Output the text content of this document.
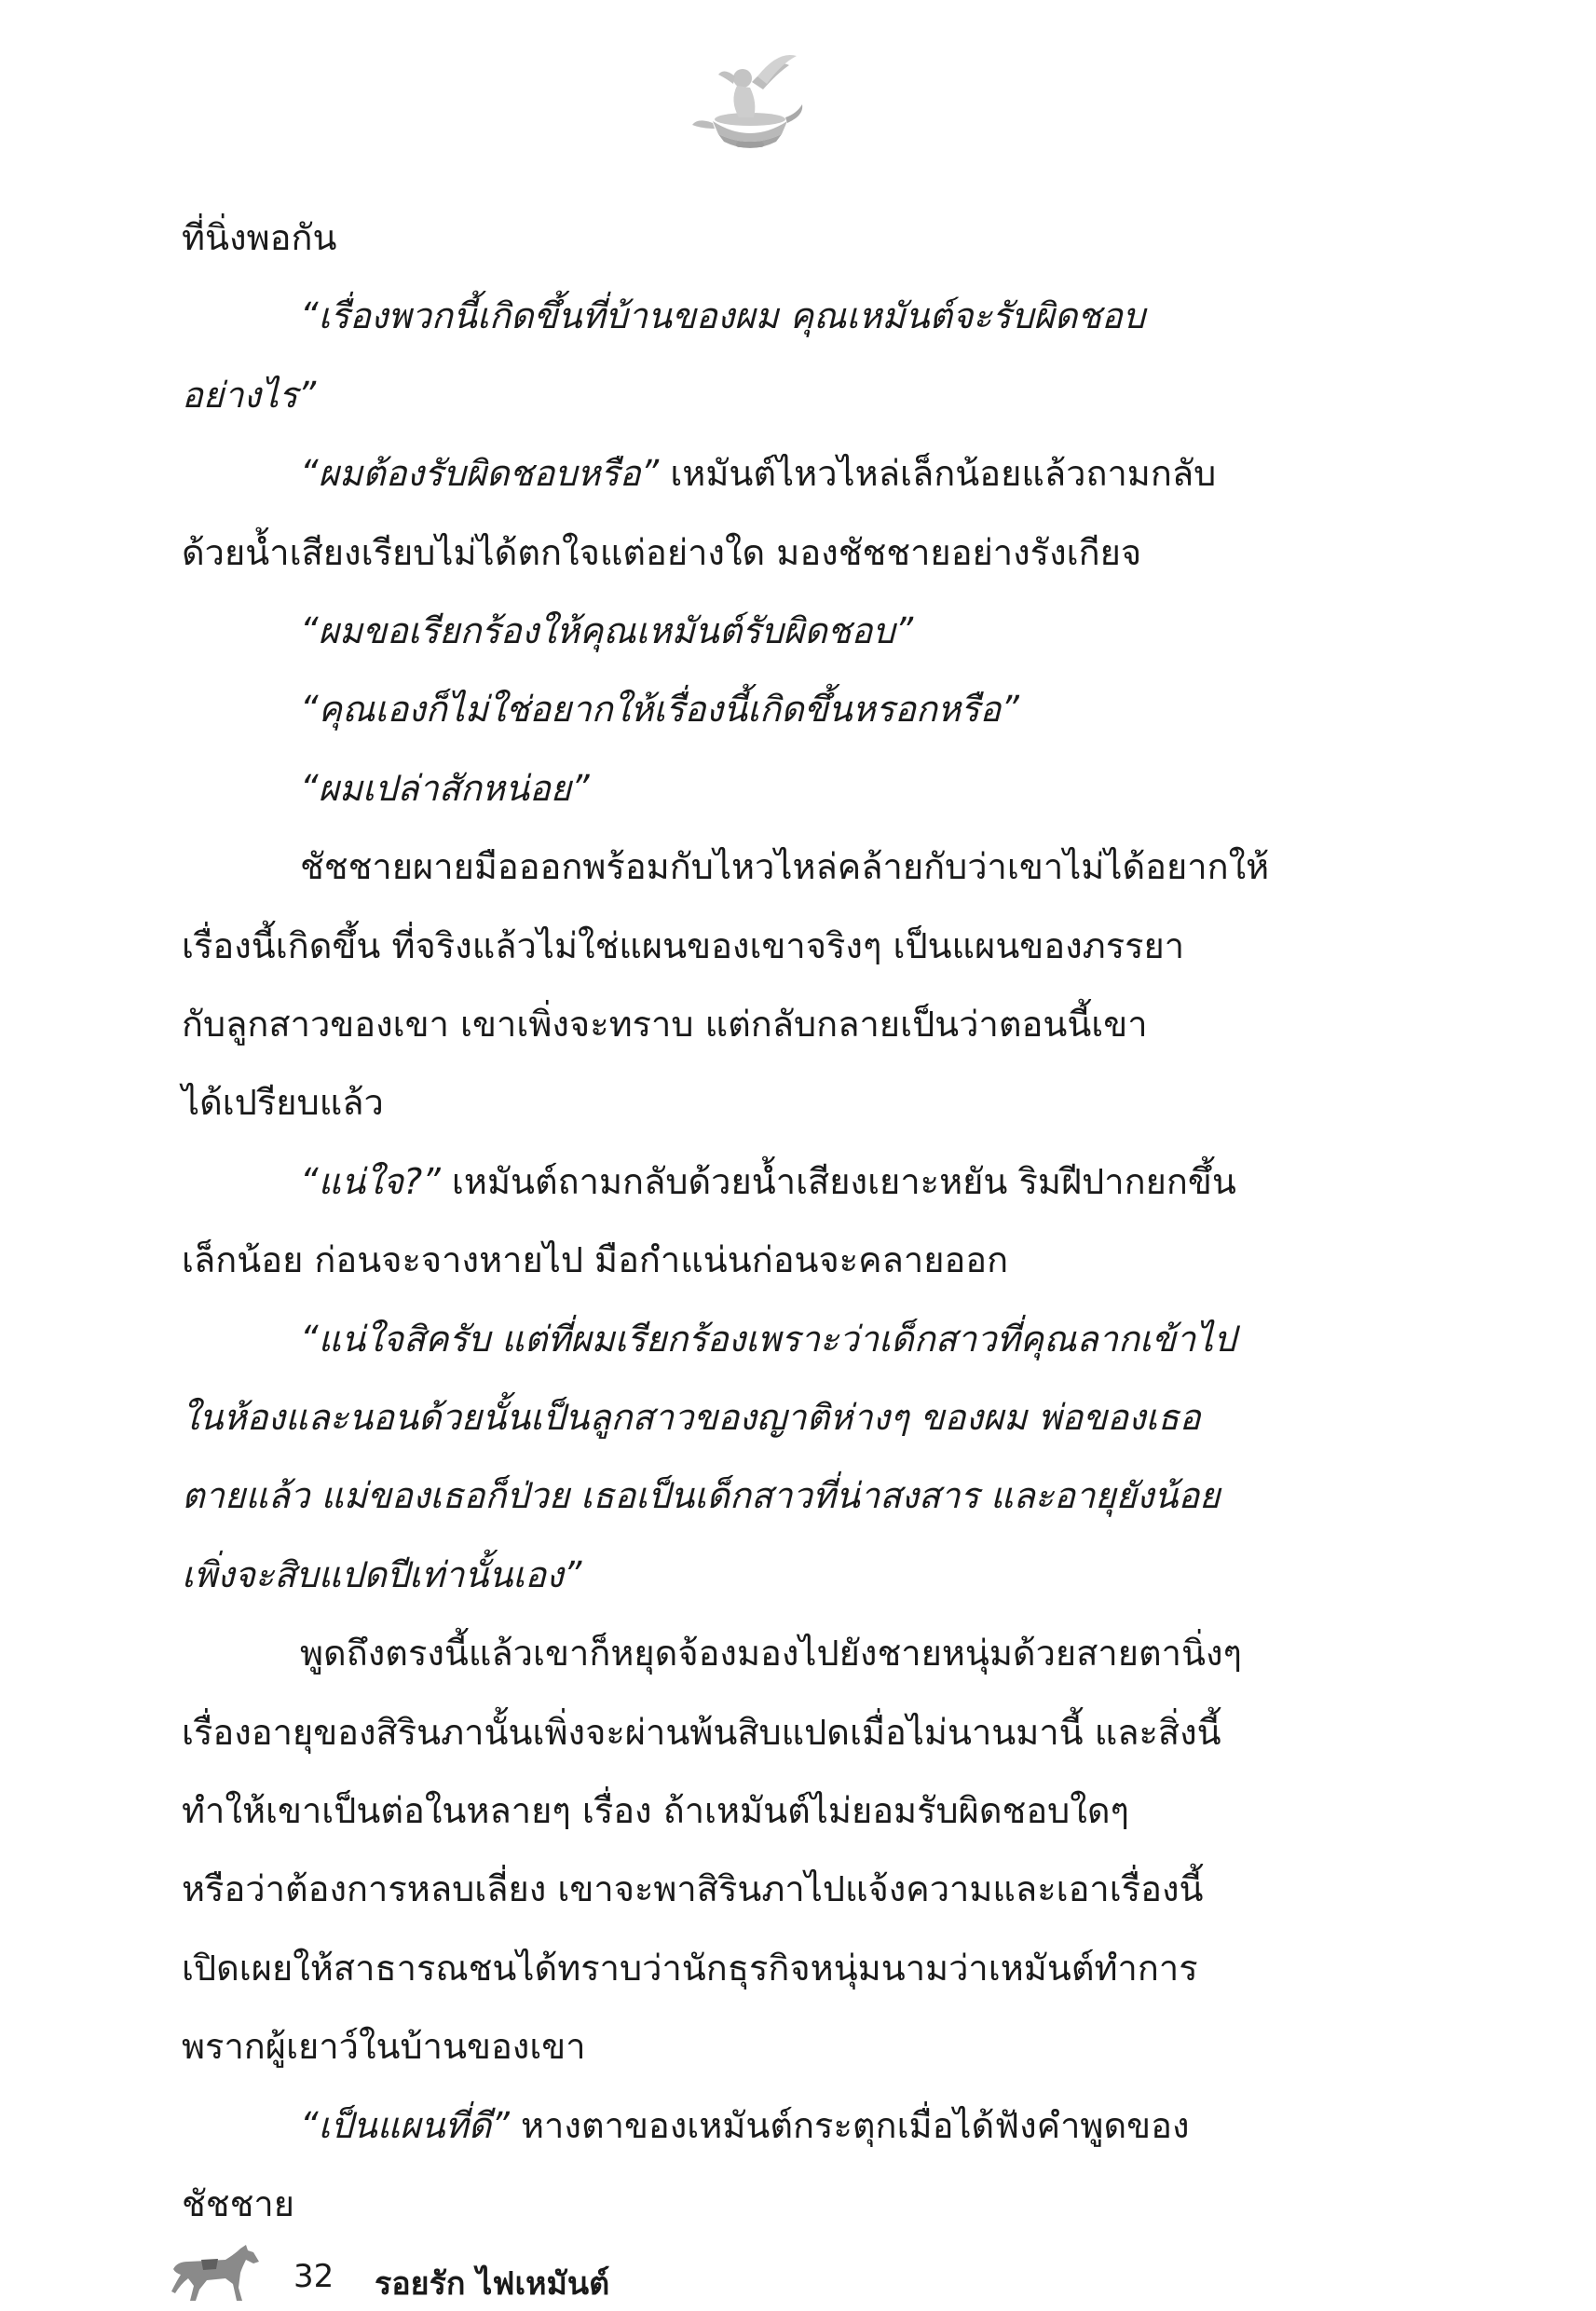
ที่นิ่งพอกัน
“เรื่องพวกนี้เกิดขึ้นที่บ้านของผม คุณเหมันต์จะรับผิดชอบ
อย่างไร”
“ผมต้องรับผิดชอบหรือ” เหมันต์ไหวไหล่เล็กน้อยแล้วถามกลับ
ด้วยน้ำเสียงเรียบไม่ได้ตกใจแต่อย่างใด มองชัชชายอย่างรังเกียจ
“ผมขอเรียกร้องให้คุณเหมันต์รับผิดชอบ”
“คุณเองก็ไม่ใช่อยากให้เรื่องนี้เกิดขึ้นหรอกหรือ”
“ผมเปล่าสักหน่อย”
ชัชชายผายมือออกพร้อมกับไหวไหล่คล้ายกับว่าเขาไม่ได้อยากให้
เรื่องนี้เกิดขึ้น ที่จริงแล้วไม่ใช่แผนของเขาจริงๆ เป็นแผนของภรรยา
กับลูกสาวของเขา เขาเพิ่งจะทราบ แต่กลับกลายเป็นว่าตอนนี้เขา
ได้เปรียบแล้ว
“แน่ใจ?” เหมันต์ถามกลับด้วยน้ำเสียงเยาะหยัน ริมฝีปากยกขึ้น
เล็กน้อย ก่อนจะจางหายไป มือกำแน่นก่อนจะคลายออก
“แน่ใจสิครับ แต่ที่ผมเรียกร้องเพราะว่าเด็กสาวที่คุณลากเข้าไป
ในห้องและนอนด้วยนั้นเป็นลูกสาวของญาติห่างๆ ของผม พ่อของเธอ
ตายแล้ว แม่ของเธอก็ป่วย เธอเป็นเด็กสาวที่น่าสงสาร และอายุยังน้อย
เพิ่งจะสิบแปดปีเท่านั้นเอง”
พูดถึงตรงนี้แล้วเขาก็หยุดจ้องมองไปยังชายหนุ่มด้วยสายตานิ่งๆ
เรื่องอายุของสิรินภานั้นเพิ่งจะผ่านพ้นสิบแปดเมื่อไม่นานมานี้ และสิ่งนี้
ทำให้เขาเป็นต่อในหลายๆ เรื่อง ถ้าเหมันต์ไม่ยอมรับผิดชอบใดๆ
หรือว่าต้องการหลบเลี่ยง เขาจะพาสิรินภาไปแจ้งความและเอาเรื่องนี้
เปิดเผยให้สาธารณชนได้ทราบว่านักธุรกิจหนุ่มนามว่าเหมันต์ทำการ
พรากผู้เยาว์ในบ้านของเขา
“เป็นแผนที่ดี” หางตาของเหมันต์กระตุกเมื่อได้ฟังคำพูดของ
ชัชชาย
32 รอยรัก ไฟเหมันต์
